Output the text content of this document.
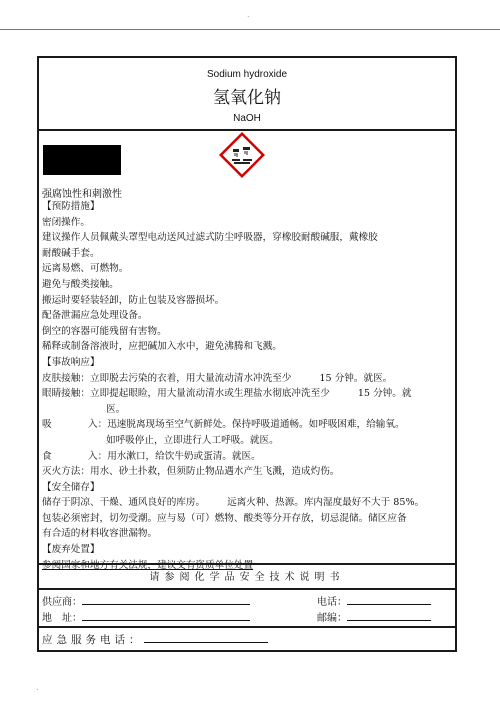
.
Sodium hydroxide
氢氧化钠
NaOH
强腐蚀性和刺激性
【预防措施】
密闭操作。
建议操作人员佩戴头罩型电动送风过滤式防尘呼吸器，穿橡胶耐酸碱服，戴橡胶
耐酸碱手套。
远离易燃、可燃物。
避免与酸类接触。
搬运时要轻装轻卸，防止包装及容器损坏。
配备泄漏应急处理设备。
倒空的容器可能残留有害物。
稀释或制备溶液时，应把碱加入水中，避免沸腾和飞溅。
【事故响应】
皮肤接触：立即脱去污染的衣着，用大量流动清水冲洗至少	15 分钟。就医。
眼睛接触：立即提起眼睑，用大量流动清水或生理盐水彻底冲洗至少	15 分钟。就
医。
吸	入：迅速脱离现场至空气新鲜处。保持呼吸道通畅。如呼吸困难，给输氧。
如呼吸停止，立即进行人工呼吸。就医。
食	入：用水漱口，给饮牛奶或蛋清。就医。
灭火方法：用水、砂土扑救，但须防止物品遇水产生飞溅，造成灼伤。
【安全储存】
储存于阴凉、干燥、通风良好的库房。 远离火种、热源。库内湿度最好不大于 85%。
包装必须密封，切勿受潮。应与易（可）燃物、酸类等分开存放，切忌混储。储区应备
有合适的材料收容泄漏物。
【废弃处置】
参阅国家和地方有关法规，建议交有资质单位处置
请参阅化学品安全技术说明书
供应商：	电话：
地　址：	邮编：
应急服务电话：
.
